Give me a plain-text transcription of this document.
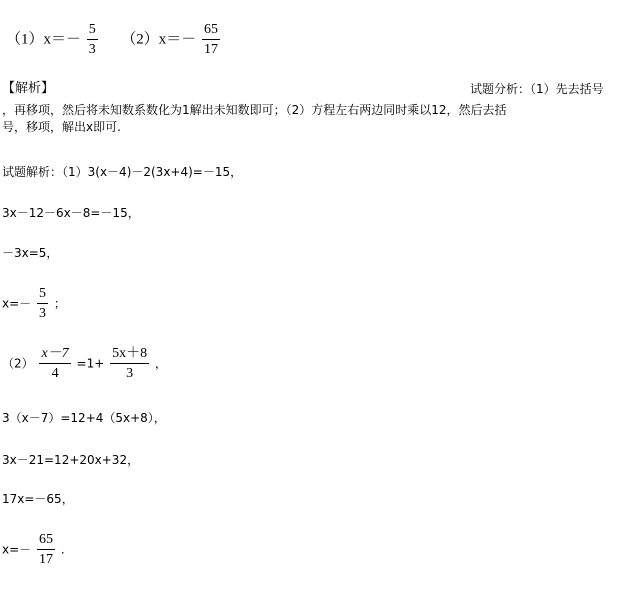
$(1)x=- \frac{5}{3} (2)x=- \frac{65}{17}$
【解析】	试题分析：（1）先去括号
，再移项，然后将未知数系数化为1解出未知数即可；（2）方程左右两边同时乘以12，然后去括
号，移项，解出x即可.
试题解析：（1）3(x－4)－2(3x+4)=－15，
3x－12－6x－8=－15，
－3x=5，
$x=- \frac{5}{3}$ ；
$(2) \frac{x-7}{4} =1+ \frac{5x+8}{3}$ ，
3（x－7）=12+4（5x+8），
3x－21=12+20x+32，
17x=－65，
$x=- \frac{65}{17}$ .
